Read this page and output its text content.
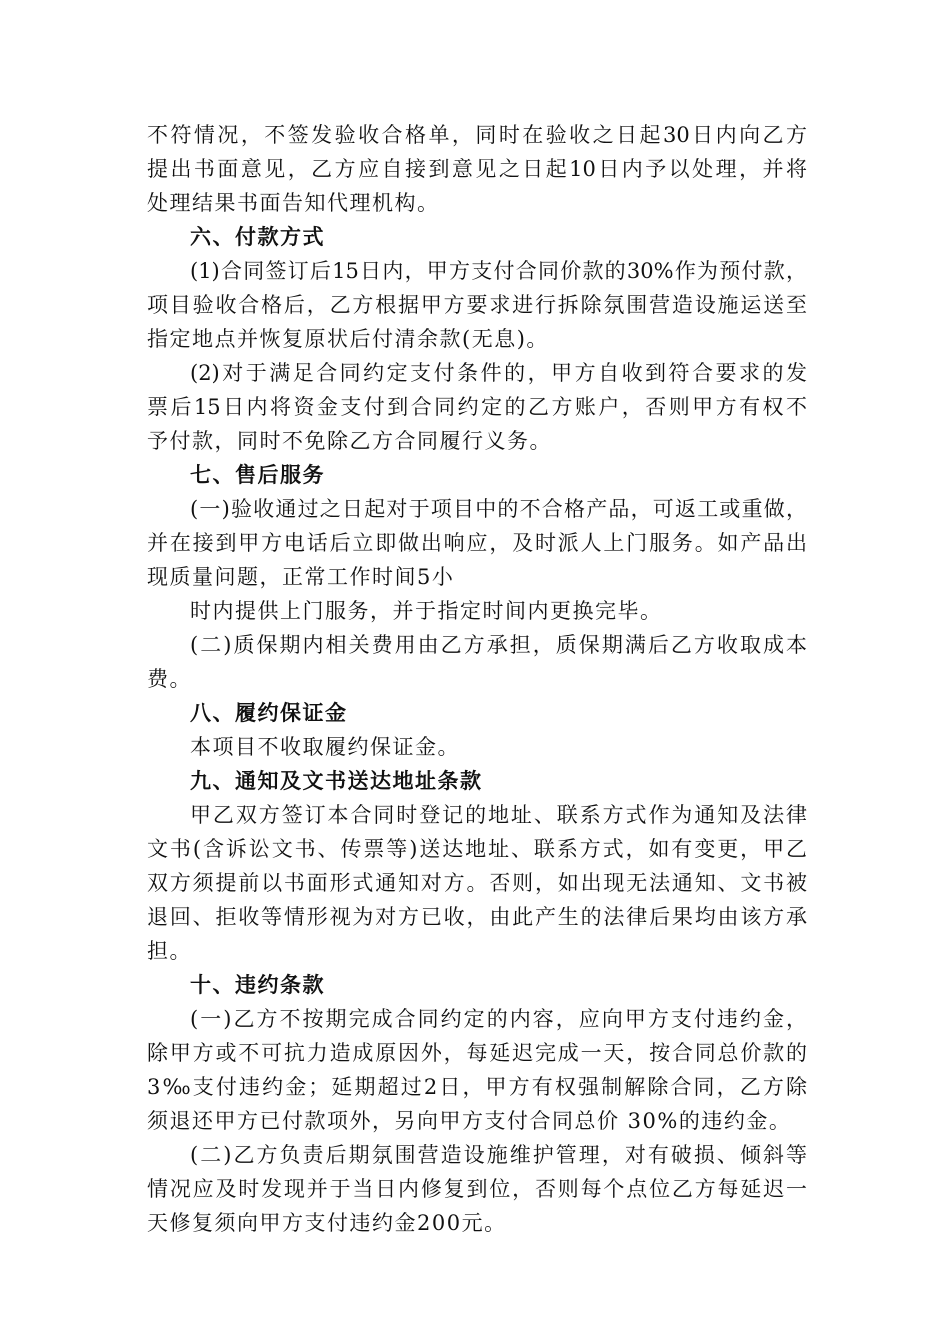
不符情况，不签发验收合格单，同时在验收之日起30日内向乙方
提出书面意见，乙方应自接到意见之日起10日内予以处理，并将
处理结果书面告知代理机构。
六、付款方式
(1)合同签订后15日内，甲方支付合同价款的30%作为预付款，
项目验收合格后，乙方根据甲方要求进行拆除氛围营造设施运送至
指定地点并恢复原状后付清余款(无息)。
(2)对于满足合同约定支付条件的，甲方自收到符合要求的发
票后15日内将资金支付到合同约定的乙方账户，否则甲方有权不
予付款，同时不免除乙方合同履行义务。
七、售后服务
(一)验收通过之日起对于项目中的不合格产品，可返工或重做，
并在接到甲方电话后立即做出响应，及时派人上门服务。如产品出
现质量问题，正常工作时间5小
时内提供上门服务，并于指定时间内更换完毕。
(二)质保期内相关费用由乙方承担，质保期满后乙方收取成本
费。
八、履约保证金
本项目不收取履约保证金。
九、通知及文书送达地址条款
甲乙双方签订本合同时登记的地址、联系方式作为通知及法律
文书(含诉讼文书、传票等)送达地址、联系方式，如有变更，甲乙
双方须提前以书面形式通知对方。否则，如出现无法通知、文书被
退回、拒收等情形视为对方已收，由此产生的法律后果均由该方承
担。
十、违约条款
(一)乙方不按期完成合同约定的内容，应向甲方支付违约金，
除甲方或不可抗力造成原因外，每延迟完成一天，按合同总价款的
3‰支付违约金；延期超过2日，甲方有权强制解除合同，乙方除
须退还甲方已付款项外，另向甲方支付合同总价 30%的违约金。
(二)乙方负责后期氛围营造设施维护管理，对有破损、倾斜等
情况应及时发现并于当日内修复到位，否则每个点位乙方每延迟一
天修复须向甲方支付违约金200元。
